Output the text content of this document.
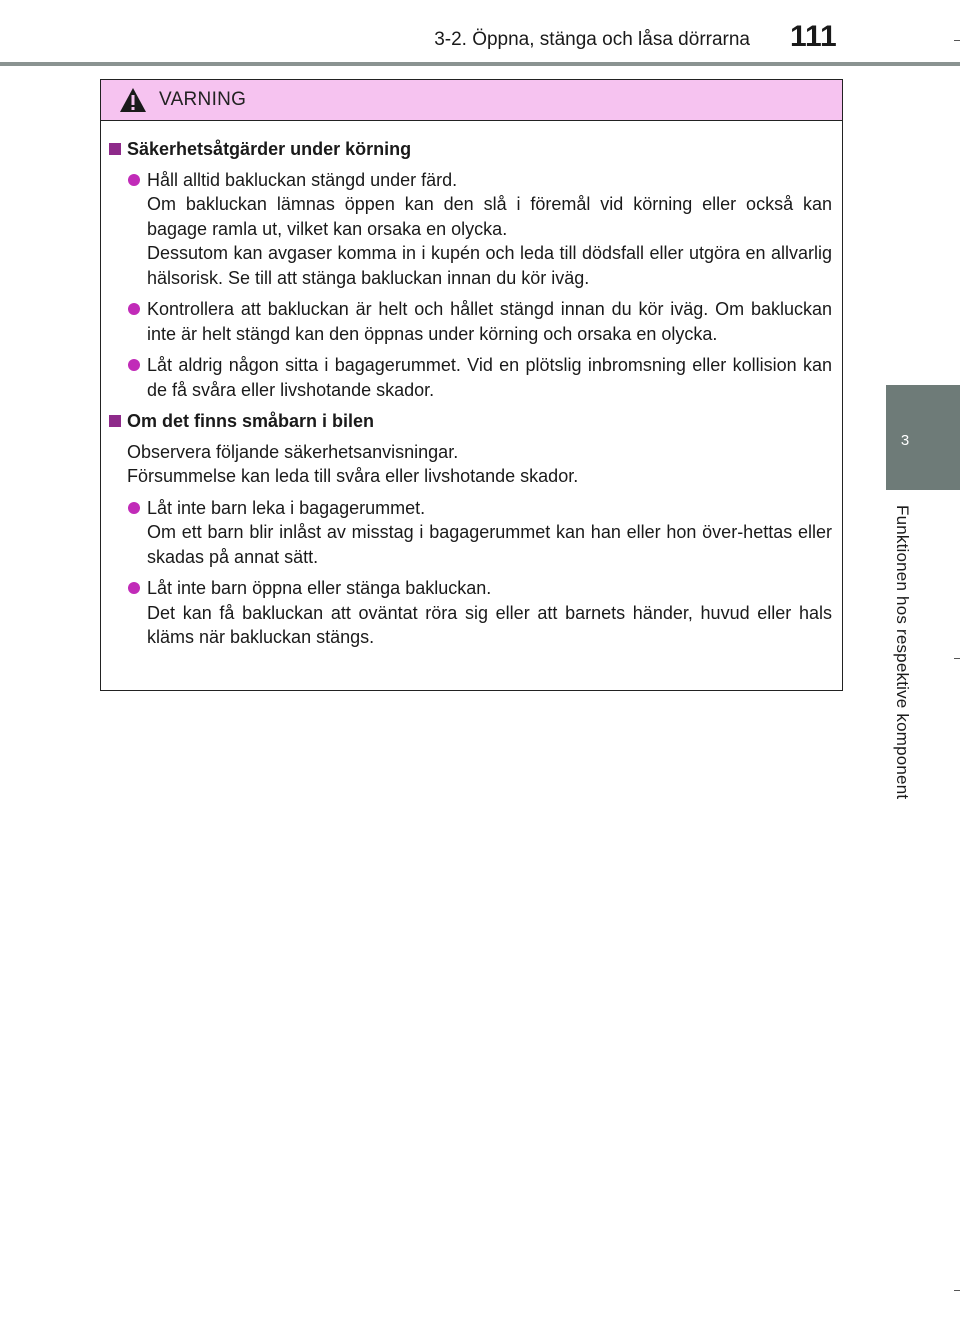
3-2. Öppna, stänga och låsa dörrarna 111
3
Funktionen hos respektive komponent
VARNING
Säkerhetsåtgärder under körning
Håll alltid bakluckan stängd under färd.
Om bakluckan lämnas öppen kan den slå i föremål vid körning eller också kan bagage ramla ut, vilket kan orsaka en olycka.
Dessutom kan avgaser komma in i kupén och leda till dödsfall eller utgöra en allvarlig hälsorisk. Se till att stänga bakluckan innan du kör iväg.
Kontrollera att bakluckan är helt och hållet stängd innan du kör iväg. Om bakluckan inte är helt stängd kan den öppnas under körning och orsaka en olycka.
Låt aldrig någon sitta i bagagerummet. Vid en plötslig inbromsning eller kollision kan de få svåra eller livshotande skador.
Om det finns småbarn i bilen
Observera följande säkerhetsanvisningar.
Försummelse kan leda till svåra eller livshotande skador.
Låt inte barn leka i bagagerummet.
Om ett barn blir inlåst av misstag i bagagerummet kan han eller hon över-hettas eller skadas på annat sätt.
Låt inte barn öppna eller stänga bakluckan.
Det kan få bakluckan att oväntat röra sig eller att barnets händer, huvud eller hals kläms när bakluckan stängs.
